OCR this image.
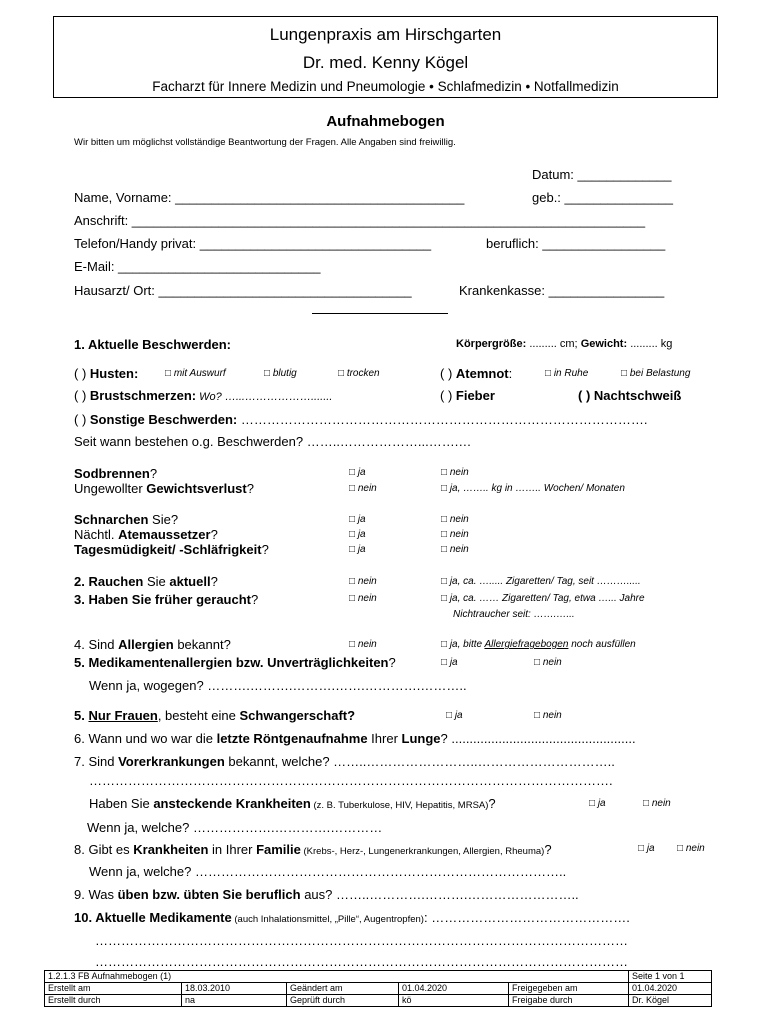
Lungenpraxis am Hirschgarten
Dr. med. Kenny Kögel
Facharzt für Innere Medizin und Pneumologie • Schlafmedizin • Notfallmedizin
Aufnahmebogen
Wir bitten um möglichst vollständige Beantwortung der Fragen. Alle Angaben sind freiwillig.
Datum: _____________
Name, Vorname: ________________________________________	geb.: _______________
Anschrift: _______________________________________________________________________
Telefon/Handy privat: ________________________________	beruflich: _________________
E-Mail: ____________________________
Hausarzt/ Ort: ___________________________________	Krankenkasse: ________________
1. Aktuelle Beschwerden:	Körpergröße: ......... cm; Gewicht: ......... kg
( ) Husten:	□ mit Auswurf	□ blutig	□ trocken	( ) Atemnot:	□ in Ruhe	□ bei Belastung
( ) Brustschmerzen: Wo? …...……………….......	( ) Fieber	( ) Nachtschweiß
( ) Sonstige Beschwerden: ………………………………………………………………………………….
Seit wann bestehen o.g. Beschwerden? ……..………………...…….…
Sodbrennen?	□ ja	□ nein
Ungewollter Gewichtsverlust?	□ nein	□ ja, …….. kg in …….. Wochen/ Monaten
Schnarchen Sie?	□ ja	□ nein
Nächtl. Atemaussetzer?	□ ja	□ nein
Tagesmüdigkeit/ -Schläfrigkeit?	□ ja	□ nein
2. Rauchen Sie aktuell?	□ nein	□ ja, ca. …..... Zigaretten/ Tag, seit ……….....
3. Haben Sie früher geraucht?	□ nein	□ ja, ca. …… Zigaretten/ Tag, etwa …... Jahre
Nichtraucher seit: …….…...
4. Sind Allergien bekannt?	□ nein	□ ja, bitte Allergiefragebogen noch ausfüllen
5. Medikamentenallergien bzw. Unverträglichkeiten?	□ ja	□ nein
Wenn ja, wogegen? ……….……….……….…….………….………..
5. Nur Frauen, besteht eine Schwangerschaft?	□ ja	□ nein
6. Wann und wo war die letzte Röntgenaufnahme Ihrer Lunge? ...................................................
7. Sind Vorerkrankungen bekannt, welche? ……..……………………..…………………………..
………………………………………………………………………………………………………….
Haben Sie ansteckende Krankheiten (z. B. Tuberkulose, HIV, Hepatitis, MRSA)?	□ ja	□ nein
Wenn ja, welche? ……………….………….…………
8. Gibt es Krankheiten in Ihrer Familie (Krebs-, Herz-, Lungenerkrankungen, Allergien, Rheuma)?	□ ja □ nein
Wenn ja, welche? …………………………………………………………………………..
9. Was üben bzw. übten Sie beruflich aus? ……..………….……….……………………..
10. Aktuelle Medikamente (auch Inhalationsmittel, „Pille“, Augentropfen): ……………………………………….
……………………………………………………………………………………………………………
……………………………………………………………………………………………………………
1.2.1.3 FB Aufnahmebogen (1)					Seite 1 von 1
Erstellt am	18.03.2010	Geändert am	01.04.2020	Freigegeben am	01.04.2020
Erstellt durch	na	Geprüft durch	kö	Freigabe durch	Dr. Kögel
